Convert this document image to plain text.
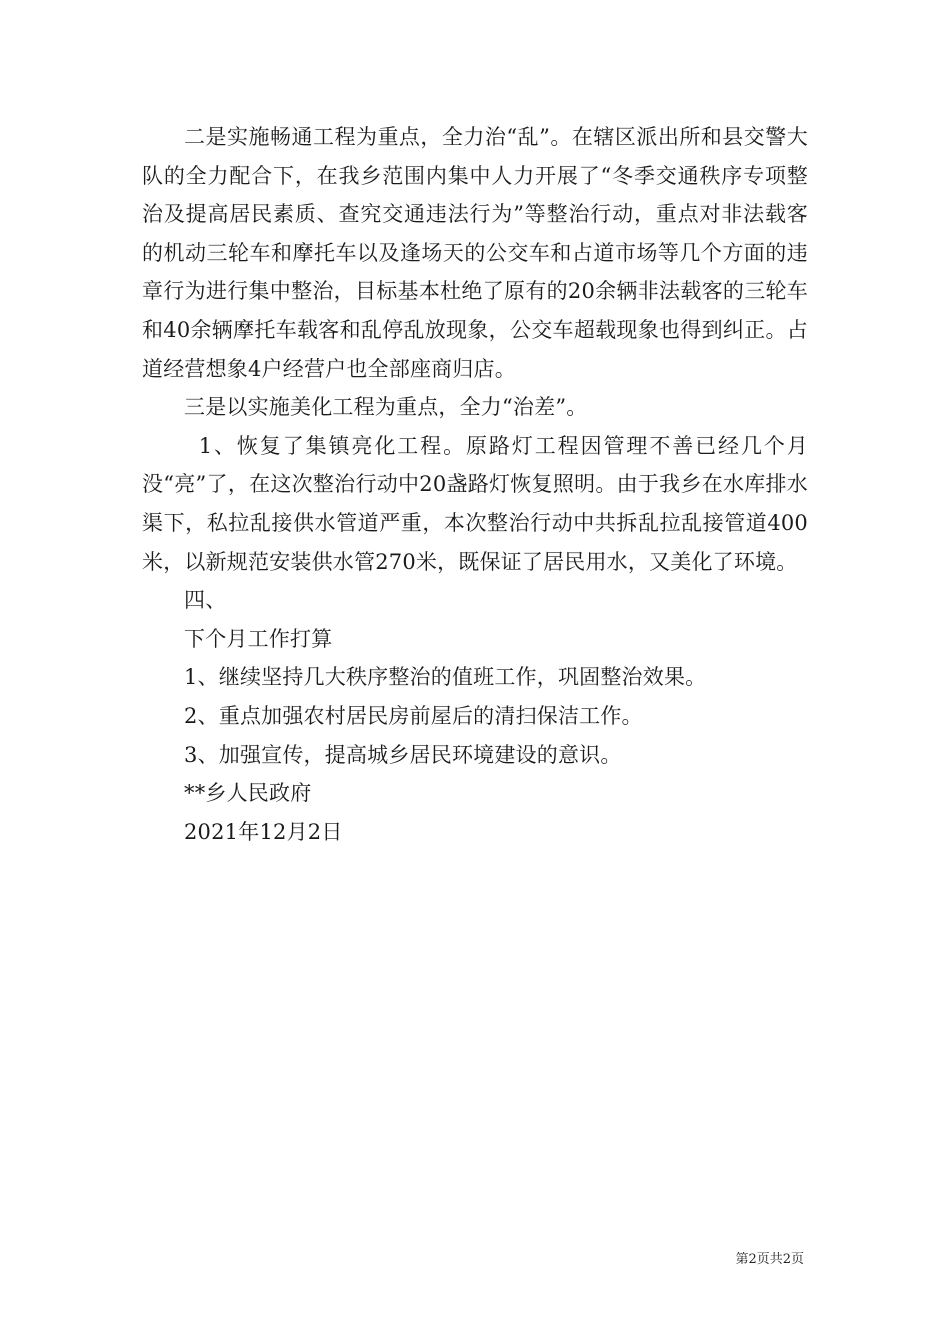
二是实施畅通工程为重点，全力治“乱”。在辖区派出所和县交警大队的全力配合下，在我乡范围内集中人力开展了“冬季交通秩序专项整治及提高居民素质、查究交通违法行为”等整治行动，重点对非法载客的机动三轮车和摩托车以及逢场天的公交车和占道市场等几个方面的违章行为进行集中整治，目标基本杜绝了原有的20余辆非法载客的三轮车和40余辆摩托车载客和乱停乱放现象，公交车超载现象也得到纠正。占道经营想象4户经营户也全部座商归店。

三是以实施美化工程为重点，全力“治差”。

1、恢复了集镇亮化工程。原路灯工程因管理不善已经几个月没“亮”了，在这次整治行动中20盏路灯恢复照明。由于我乡在水库排水渠下，私拉乱接供水管道严重，本次整治行动中共拆乱拉乱接管道400米，以新规范安装供水管270米，既保证了居民用水，又美化了环境。

四、

下个月工作打算

1、继续坚持几大秩序整治的值班工作，巩固整治效果。

2、重点加强农村居民房前屋后的清扫保洁工作。

3、加强宣传，提高城乡居民环境建设的意识。

**乡人民政府

2021年12月2日

第2页共2页
